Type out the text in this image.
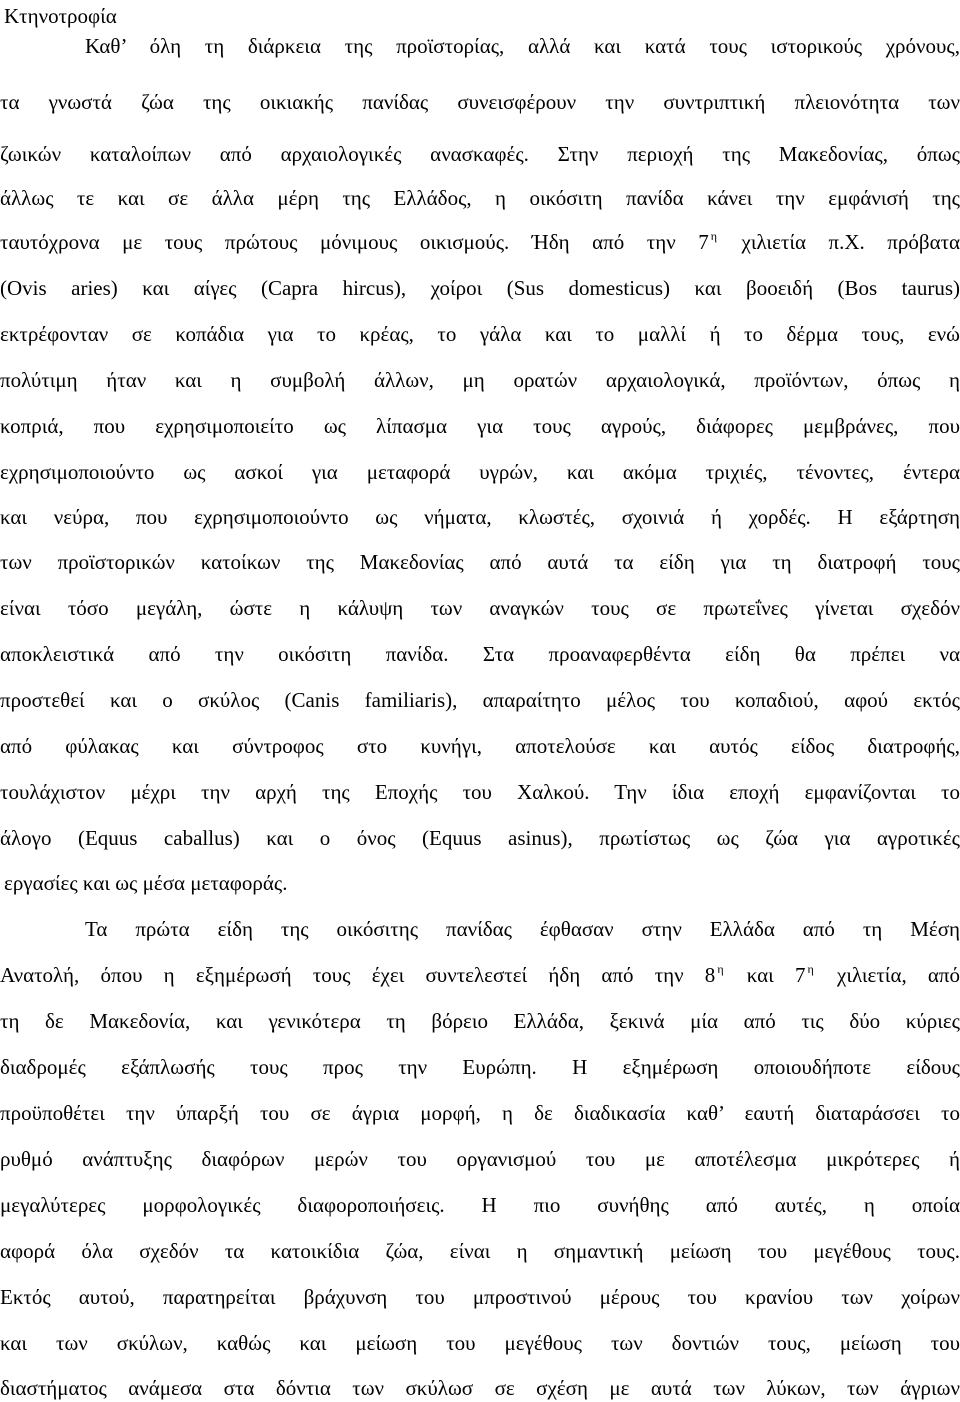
Κτηνοτροφία
Καθ’ όλη τη διάρκεια της προϊστορίας, αλλά και κατά τους ιστορικούς χρόνους,
τα γνωστά ζώα της οικιακής πανίδας συνεισφέρουν την συντριπτική πλειονότητα των
ζωικών καταλοίπων από αρχαιολογικές ανασκαφές. Στην περιοχή της Μακεδονίας, όπως
άλλως τε και σε άλλα μέρη της Ελλάδος, η οικόσιτη πανίδα κάνει την εμφάνισή της
ταυτόχρονα με τους πρώτους μόνιμους οικισμούς. Ήδη από την 7 $^\eta$ χιλιετία π.Χ. πρόβατα
(Ovis aries) και αίγες (Capra hircus), χοίροι (Sus domesticus) και βοοειδή (Bos taurus)
εκτρέφονταν σε κοπάδια για το κρέας, το γάλα και το μαλλί ή το δέρμα τους, ενώ
πολύτιμη ήταν και η συμβολή άλλων, μη ορατών αρχαιολογικά, προϊόντων, όπως η
κοπριά, που εχρησιμοποιείτο ως λίπασμα για τους αγρούς, διάφορες μεμβράνες, που
εχρησιμοποιούντο ως ασκοί για μεταφορά υγρών, και ακόμα τριχιές, τένοντες, έντερα
και νεύρα, που εχρησιμοποιούντο ως νήματα, κλωστές, σχοινιά ή χορδές. Η εξάρτηση
των προϊστορικών κατοίκων της Μακεδονίας από αυτά τα είδη για τη διατροφή τους
είναι τόσο μεγάλη, ώστε η κάλυψη των αναγκών τους σε πρωτεΐνες γίνεται σχεδόν
αποκλειστικά από την οικόσιτη πανίδα. Στα προαναφερθέντα είδη θα πρέπει να
προστεθεί και ο σκύλος (Canis familiaris), απαραίτητο μέλος του κοπαδιού, αφού εκτός
από φύλακας και σύντροφος στο κυνήγι, αποτελούσε και αυτός είδος διατροφής,
τουλάχιστον μέχρι την αρχή της Εποχής του Χαλκού. Την ίδια εποχή εμφανίζονται το
άλογο (Equus caballus) και ο όνος (Equus asinus), πρωτίστως ως ζώα για αγροτικές
εργασίες και ως μέσα μεταφοράς.
Τα πρώτα είδη της οικόσιτης πανίδας έφθασαν στην Ελλάδα από τη Μέση
Ανατολή, όπου η εξημέρωσή τους έχει συντελεστεί ήδη από την 8 $^\eta$ και 7 $^\eta$ χιλιετία, από
τη δε Μακεδονία, και γενικότερα τη βόρειο Ελλάδα, ξεκινά μία από τις δύο κύριες
διαδρομές εξάπλωσής τους προς την Ευρώπη. Η εξημέρωση οποιουδήποτε είδους
προϋποθέτει την ύπαρξή του σε άγρια μορφή, η δε διαδικασία καθ’ εαυτή διαταράσσει το
ρυθμό ανάπτυξης διαφόρων μερών του οργανισμού του με αποτέλεσμα μικρότερες ή
μεγαλύτερες μορφολογικές διαφοροποιήσεις. Η πιο συνήθης από αυτές, η οποία
αφορά όλα σχεδόν τα κατοικίδια ζώα, είναι η σημαντική μείωση του μεγέθους τους.
Εκτός αυτού, παρατηρείται βράχυνση του μπροστινού μέρους του κρανίου των χοίρων
και των σκύλων, καθώς και μείωση του μεγέθους των δοντιών τους, μείωση του
διαστήματος ανάμεσα στα δόντια των σκύλωσ σε σχέση με αυτά των λύκων, των άγριων
